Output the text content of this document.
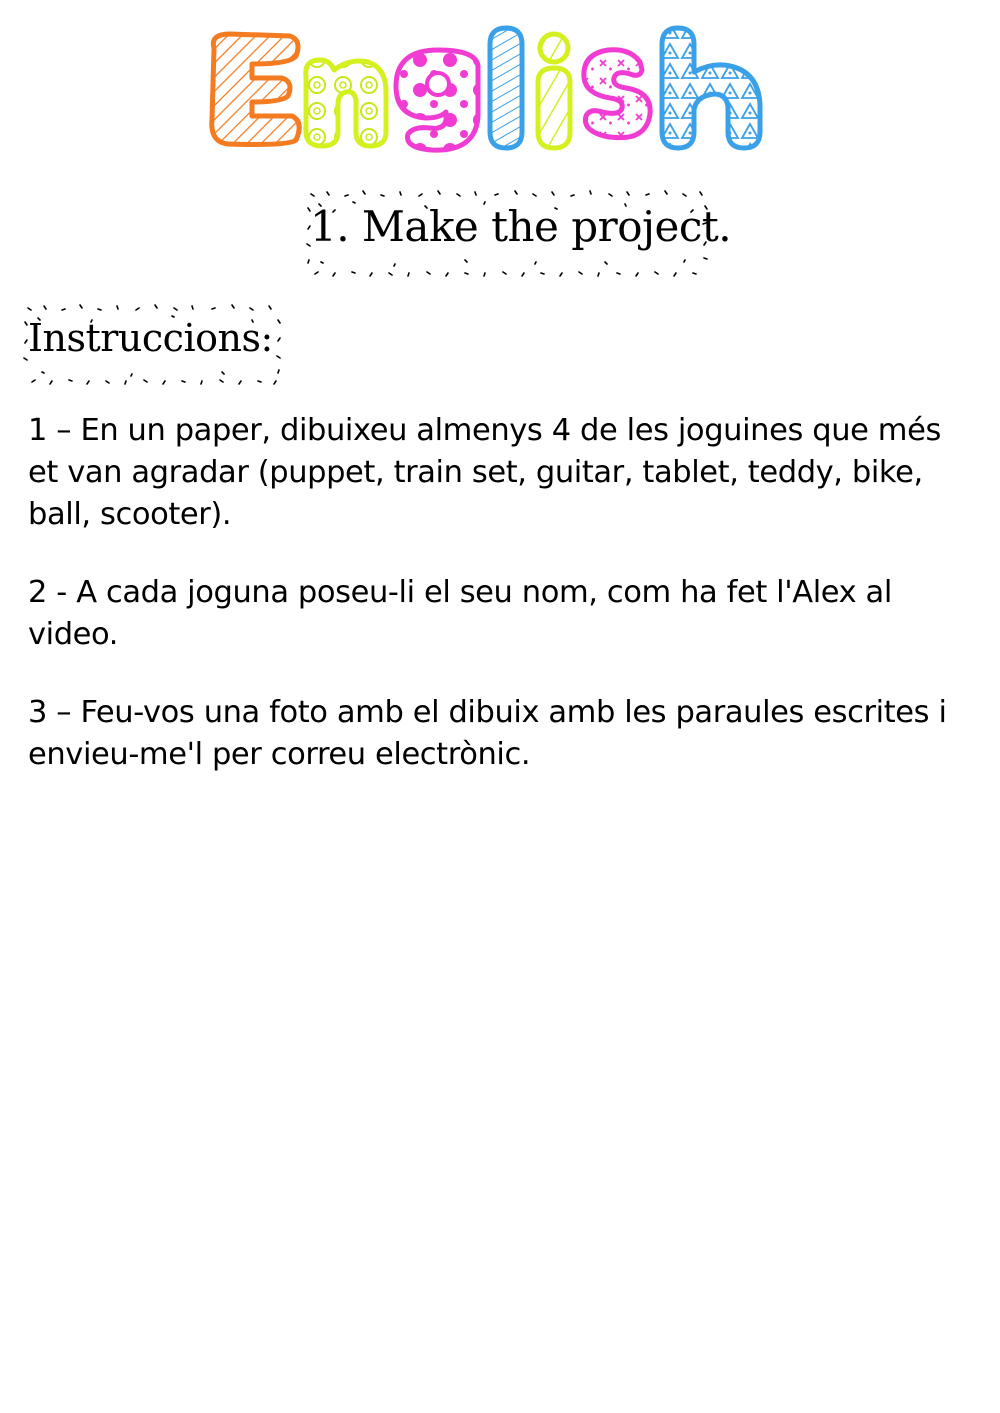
1. Make the project.
Instruccions:

1 – En un paper, dibuixeu almenys 4 de les joguines que més et van agradar (puppet, train set, guitar, tablet, teddy, bike, ball, scooter).

2 - A cada joguna poseu-li el seu nom, com ha fet l'Alex al video.

3 – Feu-vos una foto amb el dibuix amb les paraules escrites i envieu-me'l per correu electrònic.
